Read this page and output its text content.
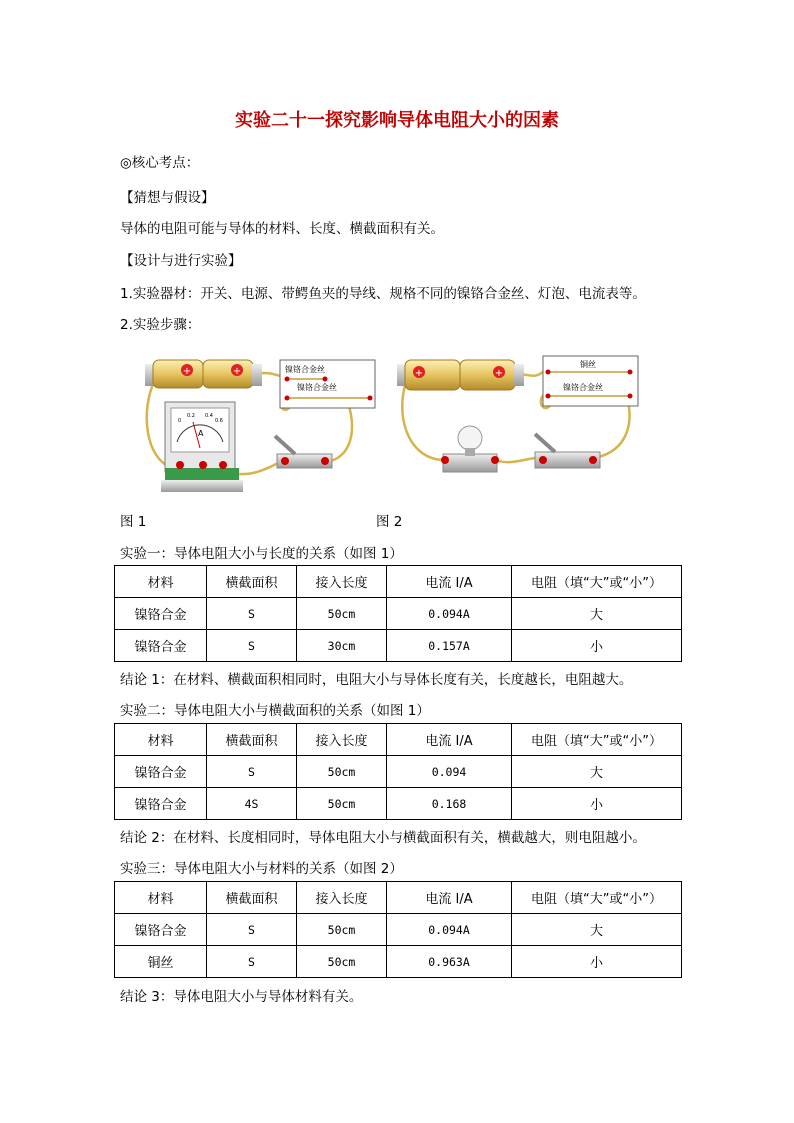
实验二十一探究影响导体电阻大小的因素
◎核心考点：
【猜想与假设】
导体的电阻可能与导体的材料、长度、横截面积有关。
【设计与进行实验】
1.实验器材：开关、电源、带鳄鱼夹的导线、规格不同的镍铬合金丝、灯泡、电流表等。
2.实验步骤：
+	+	镍铬合金丝
镍铬合金丝
0
0.2 0.4
0.6
A
图 1
+	+
铜丝
镍铬合金丝
图 2
实验一：导体电阻大小与长度的关系（如图 1）
材料	横截面积	接入长度	电流 I/A	电阻（填“大”或“小”）
镍铬合金	S	50cm	0.094A	大
镍铬合金	S	30cm	0.157A	小
结论 1：在材料、横截面积相同时，电阻大小与导体长度有关，长度越长，电阻越大。
实验二：导体电阻大小与横截面积的关系（如图 1）
材料	横截面积	接入长度	电流 I/A	电阻（填“大”或“小”）
镍铬合金	S	50cm	0.094	大
镍铬合金	4S	50cm	0.168	小
结论 2：在材料、长度相同时，导体电阻大小与横截面积有关，横截越大，则电阻越小。
实验三：导体电阻大小与材料的关系（如图 2）
材料	横截面积	接入长度	电流 I/A	电阻（填“大”或“小”）
镍铬合金	S	50cm	0.094A	大
铜丝	S	50cm	0.963A	小
结论 3：导体电阻大小与导体材料有关。
